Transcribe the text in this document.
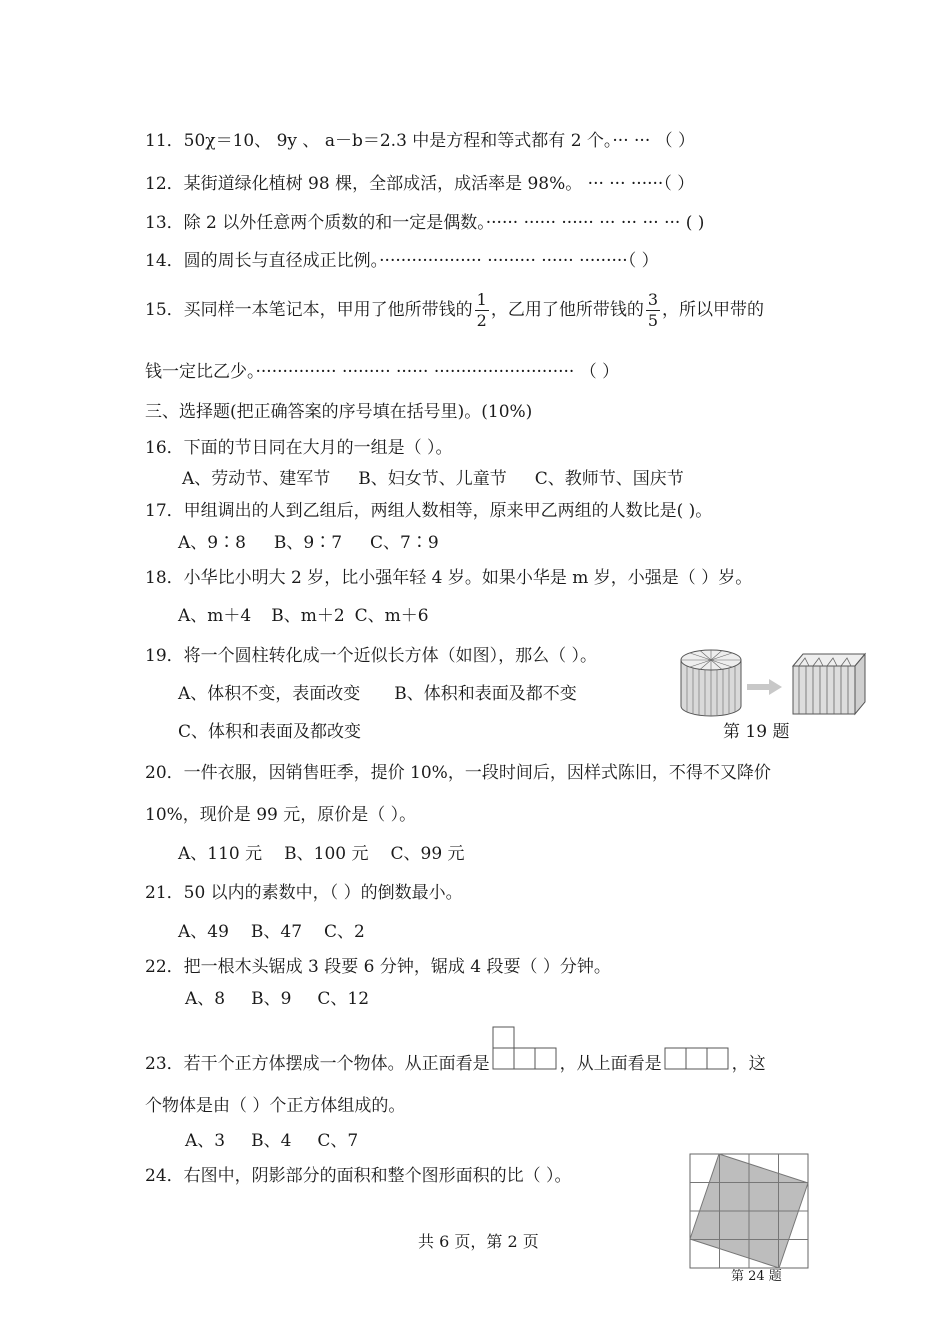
11．50χ＝10、 9y 、 a－b＝2.3 中是方程和等式都有 2 个。··· ··· （ ）
12．某街道绿化植树 98 棵，全部成活，成活率是 98%。 ··· ··· ······（ ）
13．除 2 以外任意两个质数的和一定是偶数。······ ······ ······ ··· ··· ··· ··· ( )
14．圆的周长与直径成正比例。··················· ········· ······ ·········（ ）
15．买同样一本笔记本，甲用了他所带钱的 $\frac{1}{2}$ ，乙用了他所带钱的 $\frac{3}{5}$ ，所以甲带的
钱一定比乙少。··············· ········· ······ ·························· （ ）
三、选择题(把正确答案的序号填在括号里)。(10%)
16．下面的节日同在大月的一组是（ ）。
A、劳动节、建军节 B、妇女节、儿童节 C、教师节、国庆节
17．甲组调出的人到乙组后，两组人数相等，原来甲乙两组的人数比是( )。
A、9∶8 B、9∶7 C、7∶9
18．小华比小明大 2 岁，比小强年轻 4 岁。如果小华是 m 岁，小强是（ ）岁。
A、m＋4 B、m＋2 C、m＋6
19．将一个圆柱转化成一个近似长方体（如图），那么（ ）。
A、体积不变，表面改变 B、体积和表面及都不变
C、体积和表面及都改变	第 19 题
20．一件衣服，因销售旺季，提价 10%，一段时间后，因样式陈旧，不得不又降价
10%，现价是 99 元，原价是（ ）。
A、110 元 B、100 元 C、99 元
21．50 以内的素数中，（ ）的倒数最小。
A、49 B、47 C、2
22．把一根木头锯成 3 段要 6 分钟，锯成 4 段要（ ）分钟。
A、8 B、9 C、12
23．若干个正方体摆成一个物体。从正面看是	，从上面看是	，这
个物体是由（ ）个正方体组成的。
A、3 B、4 C、7
24．右图中，阴影部分的面积和整个图形面积的比（ ）。
第 24 题
共 6 页，第 2 页
